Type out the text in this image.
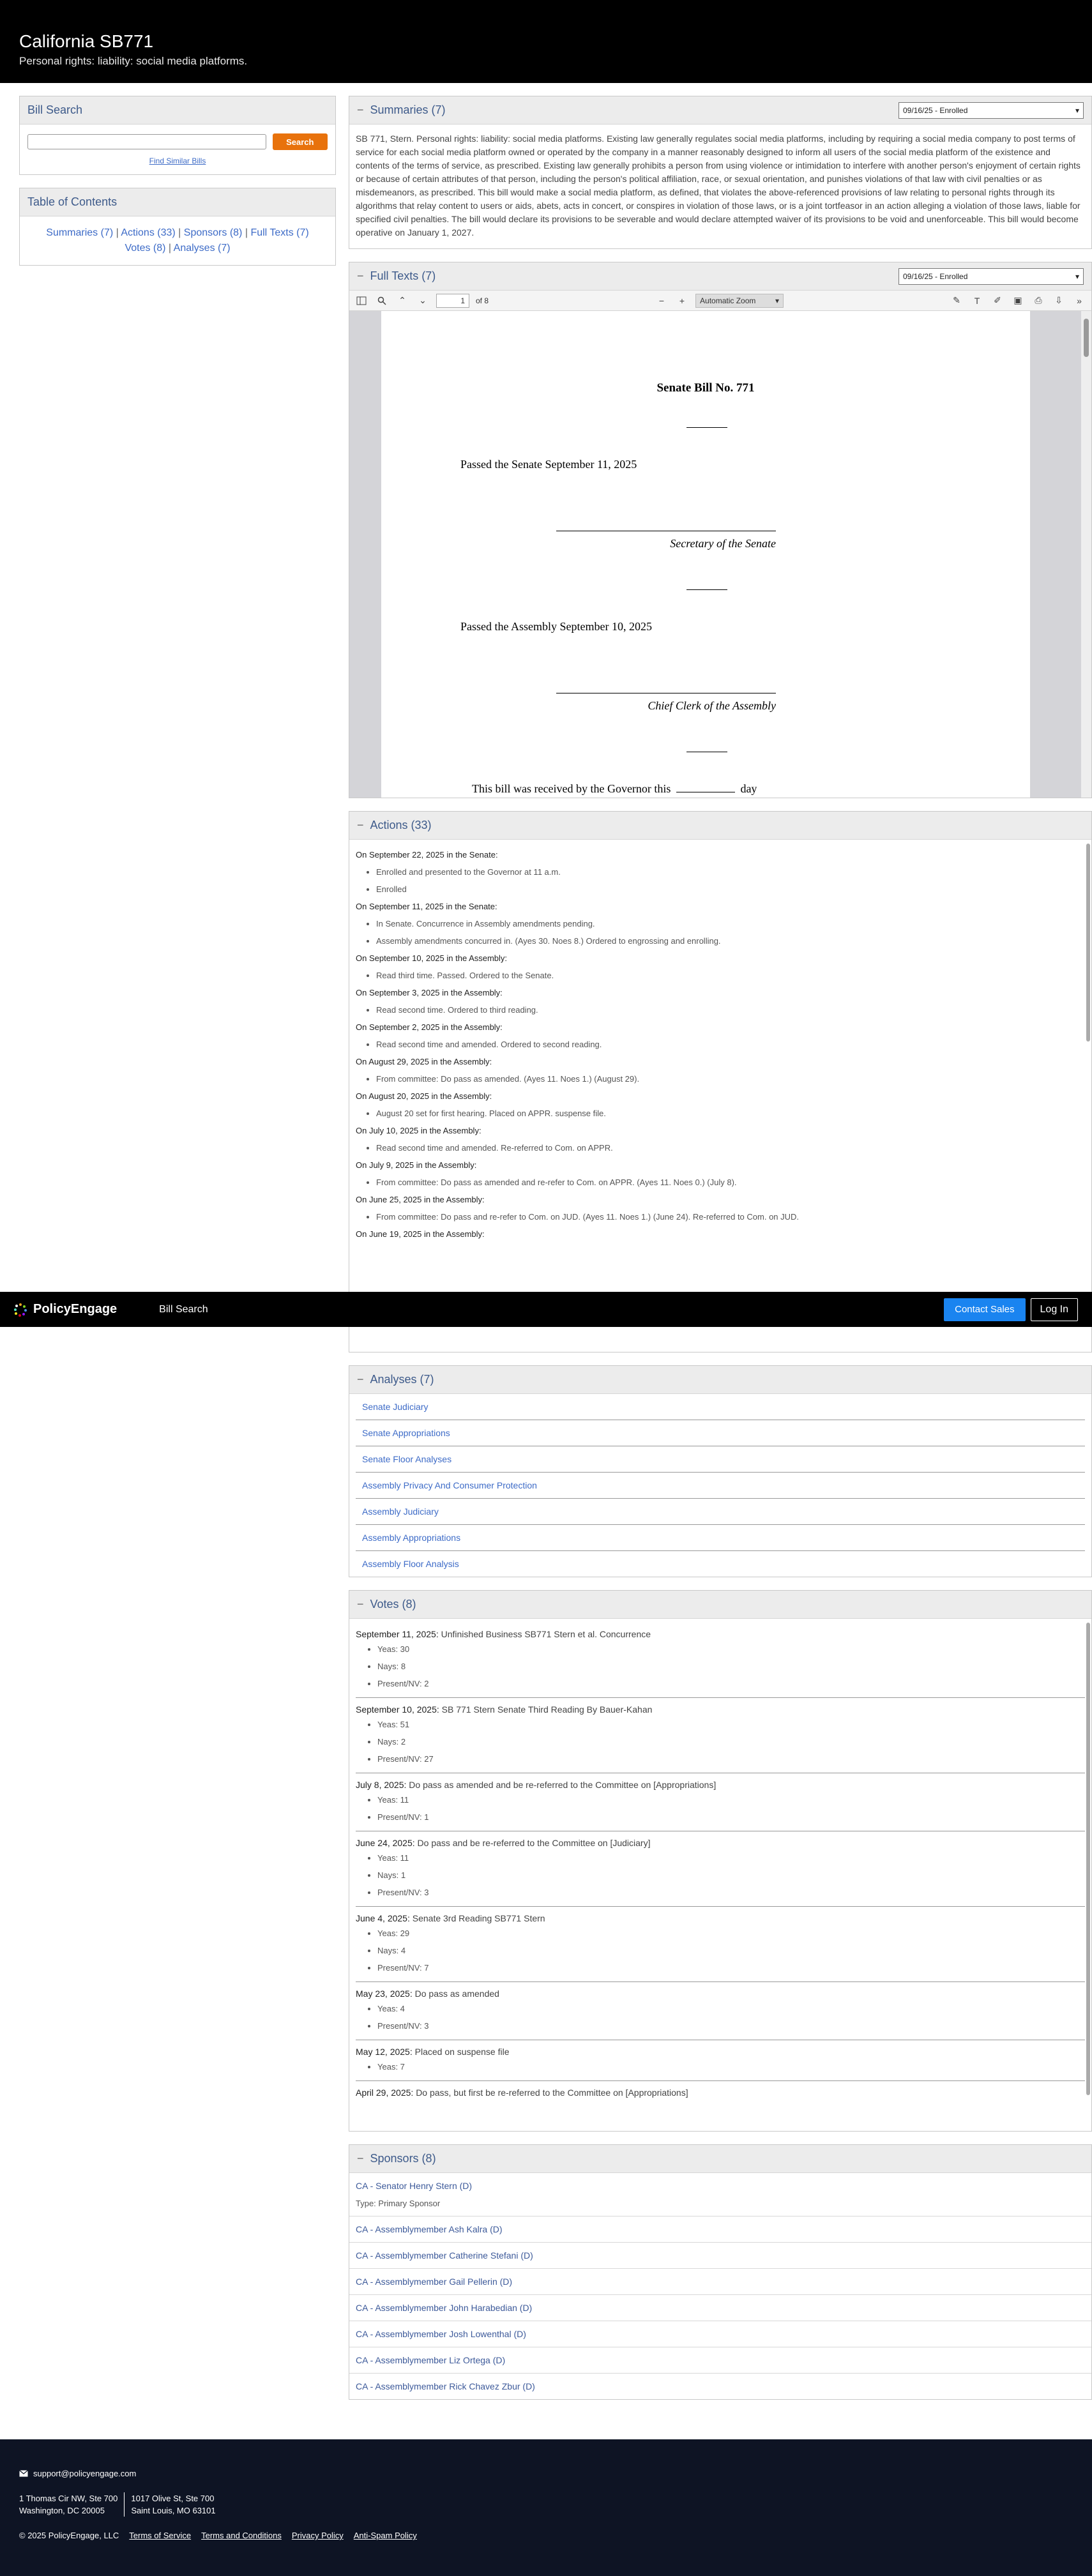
California SB771
Personal rights: liability: social media platforms.
Bill Search
Search
Find Similar Bills
Table of Contents
Summaries (7) | Actions (33) | Sponsors (8) | Full Texts (7)
Votes (8) | Analyses (7)
− Summaries (7)	09/16/25 - Enrolled	▾
SB 771, Stern. Personal rights: liability: social media platforms. Existing law generally regulates social media platforms, including by requiring a social media company to post terms of service for each social media platform owned or operated by the company in a manner reasonably designed to inform all users of the social media platform of the existence and contents of the terms of service, as prescribed. Existing law generally prohibits a person from using violence or intimidation to interfere with another person's enjoyment of certain rights or because of certain attributes of that person, including the person's political affiliation, race, or sexual orientation, and punishes violations of that law with civil penalties or as misdemeanors, as prescribed. This bill would make a social media platform, as defined, that violates the above-referenced provisions of law relating to personal rights through its algorithms that relay content to users or aids, abets, acts in concert, or conspires in violation of those laws, or is a joint tortfeasor in an action alleging a violation of those laws, liable for specified civil penalties. The bill would declare its provisions to be severable and would declare attempted waiver of its provisions to be void and unenforceable. This bill would become operative on January 1, 2027.
− Full Texts (7)	09/16/25 - Enrolled	▾
⌃	⌄	1	of 8	−	+	Automatic Zoom	▾	✎	T	✐	▣	⎙	⇩	»
Senate Bill No. 771
Passed the Senate September 11, 2025
Secretary of the Senate
Passed the Assembly September 10, 2025
Chief Clerk of the Assembly
This bill was received by the Governor this	day
− Actions (33)
On September 22, 2025 in the Senate:
• Enrolled and presented to the Governor at 11 a.m.
• Enrolled
On September 11, 2025 in the Senate:
• In Senate. Concurrence in Assembly amendments pending.
• Assembly amendments concurred in. (Ayes 30. Noes 8.) Ordered to engrossing and enrolling.
On September 10, 2025 in the Assembly:
• Read third time. Passed. Ordered to the Senate.
On September 3, 2025 in the Assembly:
• Read second time. Ordered to third reading.
On September 2, 2025 in the Assembly:
• Read second time and amended. Ordered to second reading.
On August 29, 2025 in the Assembly:
• From committee: Do pass as amended. (Ayes 11. Noes 1.) (August 29).
On August 20, 2025 in the Assembly:
• August 20 set for first hearing. Placed on APPR. suspense file.
On July 10, 2025 in the Assembly:
• Read second time and amended. Re-referred to Com. on APPR.
On July 9, 2025 in the Assembly:
• From committee: Do pass as amended and re-refer to Com. on APPR. (Ayes 11. Noes 0.) (July 8).
On June 25, 2025 in the Assembly:
• From committee: Do pass and re-refer to Com. on JUD. (Ayes 11. Noes 1.) (June 24). Re-referred to Com. on JUD.
On June 19, 2025 in the Assembly:
− Analyses (7)
Senate Judiciary
Senate Appropriations
Senate Floor Analyses
Assembly Privacy And Consumer Protection
Assembly Judiciary
Assembly Appropriations
Assembly Floor Analysis
− Votes (8)
September 11, 2025: Unfinished Business SB771 Stern et al. Concurrence
• Yeas: 30
• Nays: 8
• Present/NV: 2
September 10, 2025: SB 771 Stern Senate Third Reading By Bauer-Kahan
• Yeas: 51
• Nays: 2
• Present/NV: 27
July 8, 2025: Do pass as amended and be re-referred to the Committee on [Appropriations]
• Yeas: 11
• Present/NV: 1
June 24, 2025: Do pass and be re-referred to the Committee on [Judiciary]
• Yeas: 11
• Nays: 1
• Present/NV: 3
June 4, 2025: Senate 3rd Reading SB771 Stern
• Yeas: 29
• Nays: 4
• Present/NV: 7
May 23, 2025: Do pass as amended
• Yeas: 4
• Present/NV: 3
May 12, 2025: Placed on suspense file
• Yeas: 7
April 29, 2025: Do pass, but first be re-referred to the Committee on [Appropriations]
− Sponsors (8)
CA - Senator Henry Stern (D)
Type: Primary Sponsor
CA - Assemblymember Ash Kalra (D)
CA - Assemblymember Catherine Stefani (D)
CA - Assemblymember Gail Pellerin (D)
CA - Assemblymember John Harabedian (D)
CA - Assemblymember Josh Lowenthal (D)
CA - Assemblymember Liz Ortega (D)
CA - Assemblymember Rick Chavez Zbur (D)
PolicyEngage	Bill Search	Contact Sales	Log In
support@policyengage.com
1 Thomas Cir NW, Ste 700
Washington, DC 20005
1017 Olive St, Ste 700
Saint Louis, MO 63101
© 2025 PolicyEngage, LLC Terms of Service Terms and Conditions Privacy Policy Anti-Spam Policy
